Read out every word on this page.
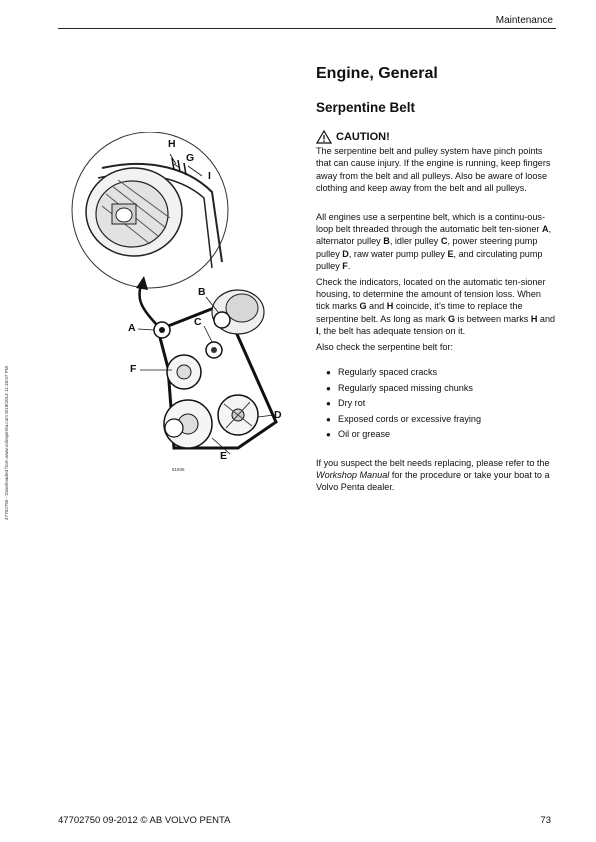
Maintenance
47702750 - Downloaded from www.volvopenta.com 8/19/2014 11:18:07 PM
H
G
I
B
C
A
F
D
E
51935
Engine, General
Serpentine Belt
CAUTION!

The serpentine belt and pulley system have pinch points that can cause injury. If the engine is running, keep fingers away from the belt and all pulleys. Also be aware of loose clothing and keep away from the belt and all pulleys.

All engines use a serpentine belt, which is a continu-ous-loop belt threaded through the automatic belt ten-sioner A, alternator pulley B, idler pulley C, power steering pump pulley D, raw water pump pulley E, and circulating pump pulley F.

Check the indicators, located on the automatic ten-sioner housing, to determine the amount of tension loss. When tick marks G and H coincide, it’s time to replace the serpentine belt. As long as mark G is between marks H and I, the belt has adequate tension on it.

Also check the serpentine belt for:

● Regularly spaced cracks
● Regularly spaced missing chunks
● Dry rot
● Exposed cords or excessive fraying
● Oil or grease

If you suspect the belt needs replacing, please refer to the Workshop Manual for the procedure or take your boat to a Volvo Penta dealer.

47702750 09-2012 © AB VOLVO PENTA	73
